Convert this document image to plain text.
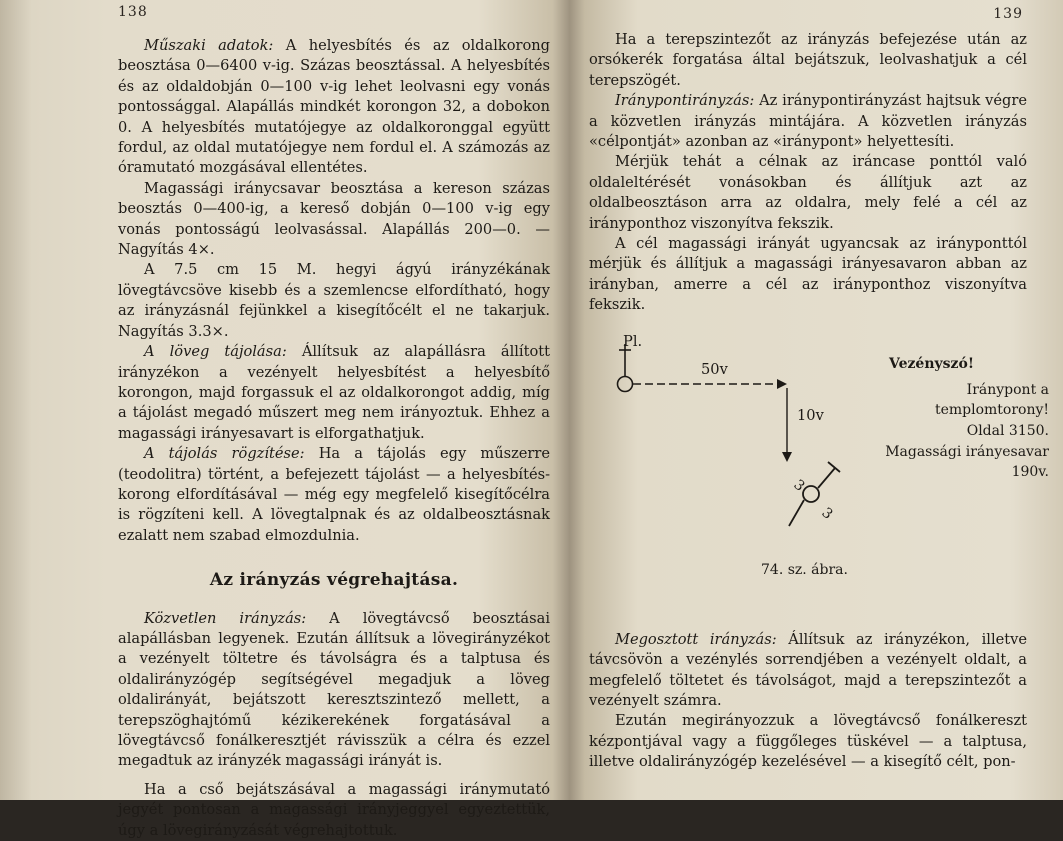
138

Műszaki adatok: A helyesbítés és az oldalkorong beosztása 0—6400 v-ig. Százas beosztással. A helyesbítés és az oldaldobján 0—100 v-ig lehet leolvasni egy vonás pontossággal. Alapállás mindkét korongon 32, a dobokon 0. A helyesbítés mutatójegye az oldalkoronggal együtt fordul, az oldal mutatójegye nem fordul el. A számozás az óramutató mozgásával ellentétes.

Magassági iránycsavar beosztása a kereson százas beosztás 0—400-ig, a kereső dobján 0—100 v-ig egy vonás pontosságú leolvasással. Alapállás 200—0. — Nagyítás 4×.

A 7.5 cm 15 M. hegyi ágyú irányzékának lövegtávcsöve kisebb és a szemlencse elfordítható, hogy az irányzásnál fejünkkel a kisegítőcélt el ne takarjuk. Nagyítás 3.3×.

A löveg tájolása: Állítsuk az alapállásra állított irányzékon a vezényelt helyesbítést a helyesbítő korongon, majd forgassuk el az oldalkorongot addig, míg a tájolást megadó műszert meg nem irányoztuk. Ehhez a magassági irányesavart is elforgathatjuk.

A tájolás rögzítése: Ha a tájolás egy műszerre (teodolitra) történt, a befejezett tájolást — a helyesbítés-korong elfordításával — még egy megfelelő kisegítőcélra is rögzíteni kell. A lövegtalpnak és az oldalbeosztásnak ezalatt nem szabad elmozdulnia.

Az irányzás végrehajtása.

Közvetlen irányzás: A lövegtávcső beosztásai alapállásban legyenek. Ezután állítsuk a lövegirányzékot a vezényelt töltetre és távolságra és a talptusa és oldalirányzógép segítségével megadjuk a löveg oldalirányát, bejátszott keresztszintező mellett, a terepszöghajtómű kézikerekének forgatásával a lövegtávcső fonálkeresztjét rávisszük a célra és ezzel megadtuk az irányzék magassági irányát is.

Ha a cső bejátszásával a magassági iránymutató jegyét pontosan a magassági irányjeggyel egyeztettük, úgy a lövegirányzását végrehajtottuk.

139

Ha a terepszintezőt az irányzás befejezése után az orsókerék forgatása által bejátszuk, leolvashatjuk a cél terepszögét.

Iránypontirányzás: Az iránypontirányzást hajtsuk végre a közvetlen irányzás mintájára. A közvetlen irányzás «célpontját» azonban az «iránypont» helyettesíti.

Mérjük tehát a célnak az iráncase ponttól való oldaleltérését vonásokban és állítjuk azt az oldalbeosztáson arra az oldalra, mely felé a cél az irányponthoz viszonyítva fekszik.

A cél magassági irányát ugyancsak az irányponttól mérjük és állítjuk a magassági irányesavaron abban az irányban, amerre a cél az irányponthoz viszonyítva fekszik.

3
3
Pl.
50v
10v
Vezényszó!
Iránypont a templomtorony!
Oldal 3150.
Magassági irányesavar 190v.
74. sz. ábra.

Megosztott irányzás: Állítsuk az irányzékon, illetve távcsövön a vezénylés sorrendjében a vezényelt oldalt, a megfelelő töltetet és távolságot, majd a terepszintezőt a vezényelt számra.

Ezután megirányozzuk a lövegtávcső fonálkereszt kézpontjával vagy a függőleges tüskével — a talptusa, illetve oldalirányzógép kezelésével — a kisegítő célt, pon-
